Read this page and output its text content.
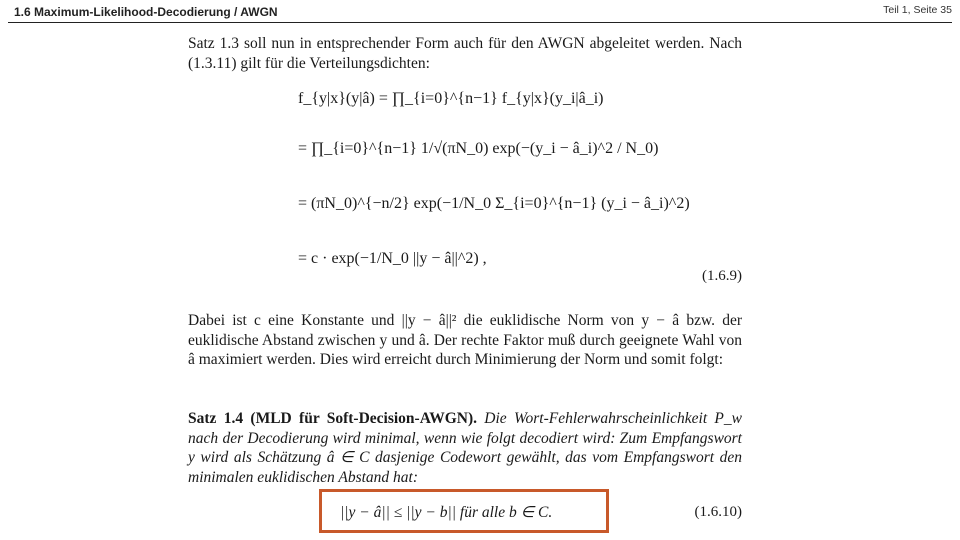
1.6 Maximum-Likelihood-Decodierung / AWGN	Teil 1, Seite 35

Satz 1.3 soll nun in entsprechender Form auch für den AWGN abgeleitet werden. Nach (1.3.11) gilt für die Verteilungsdichten:

f_{y|x}(y|â) = ∏_{i=0}^{n−1} f_{y|x}(y_i|â_i)
= ∏_{i=0}^{n−1} 1/√(πN_0) exp(−(y_i − â_i)^2 / N_0)
= (πN_0)^{−n/2} exp(−1/N_0 Σ_{i=0}^{n−1} (y_i − â_i)^2)
= c · exp(−1/N_0 ||y − â||^2) ,
(1.6.9)

Dabei ist c eine Konstante und ||y − â||² die euklidische Norm von y − â bzw. der euklidische Abstand zwischen y und â. Der rechte Faktor muß durch geeignete Wahl von â maximiert werden. Dies wird erreicht durch Minimierung der Norm und somit folgt:

Satz 1.4 (MLD für Soft-Decision-AWGN). Die Wort-Fehlerwahrscheinlichkeit P_w nach der Decodierung wird minimal, wenn wie folgt decodiert wird: Zum Empfangswort y wird als Schätzung â ∈ C dasjenige Codewort gewählt, das vom Empfangswort den minimalen euklidischen Abstand hat:

||y − â|| ≤ ||y − b|| für alle b ∈ C.	(1.6.10)
